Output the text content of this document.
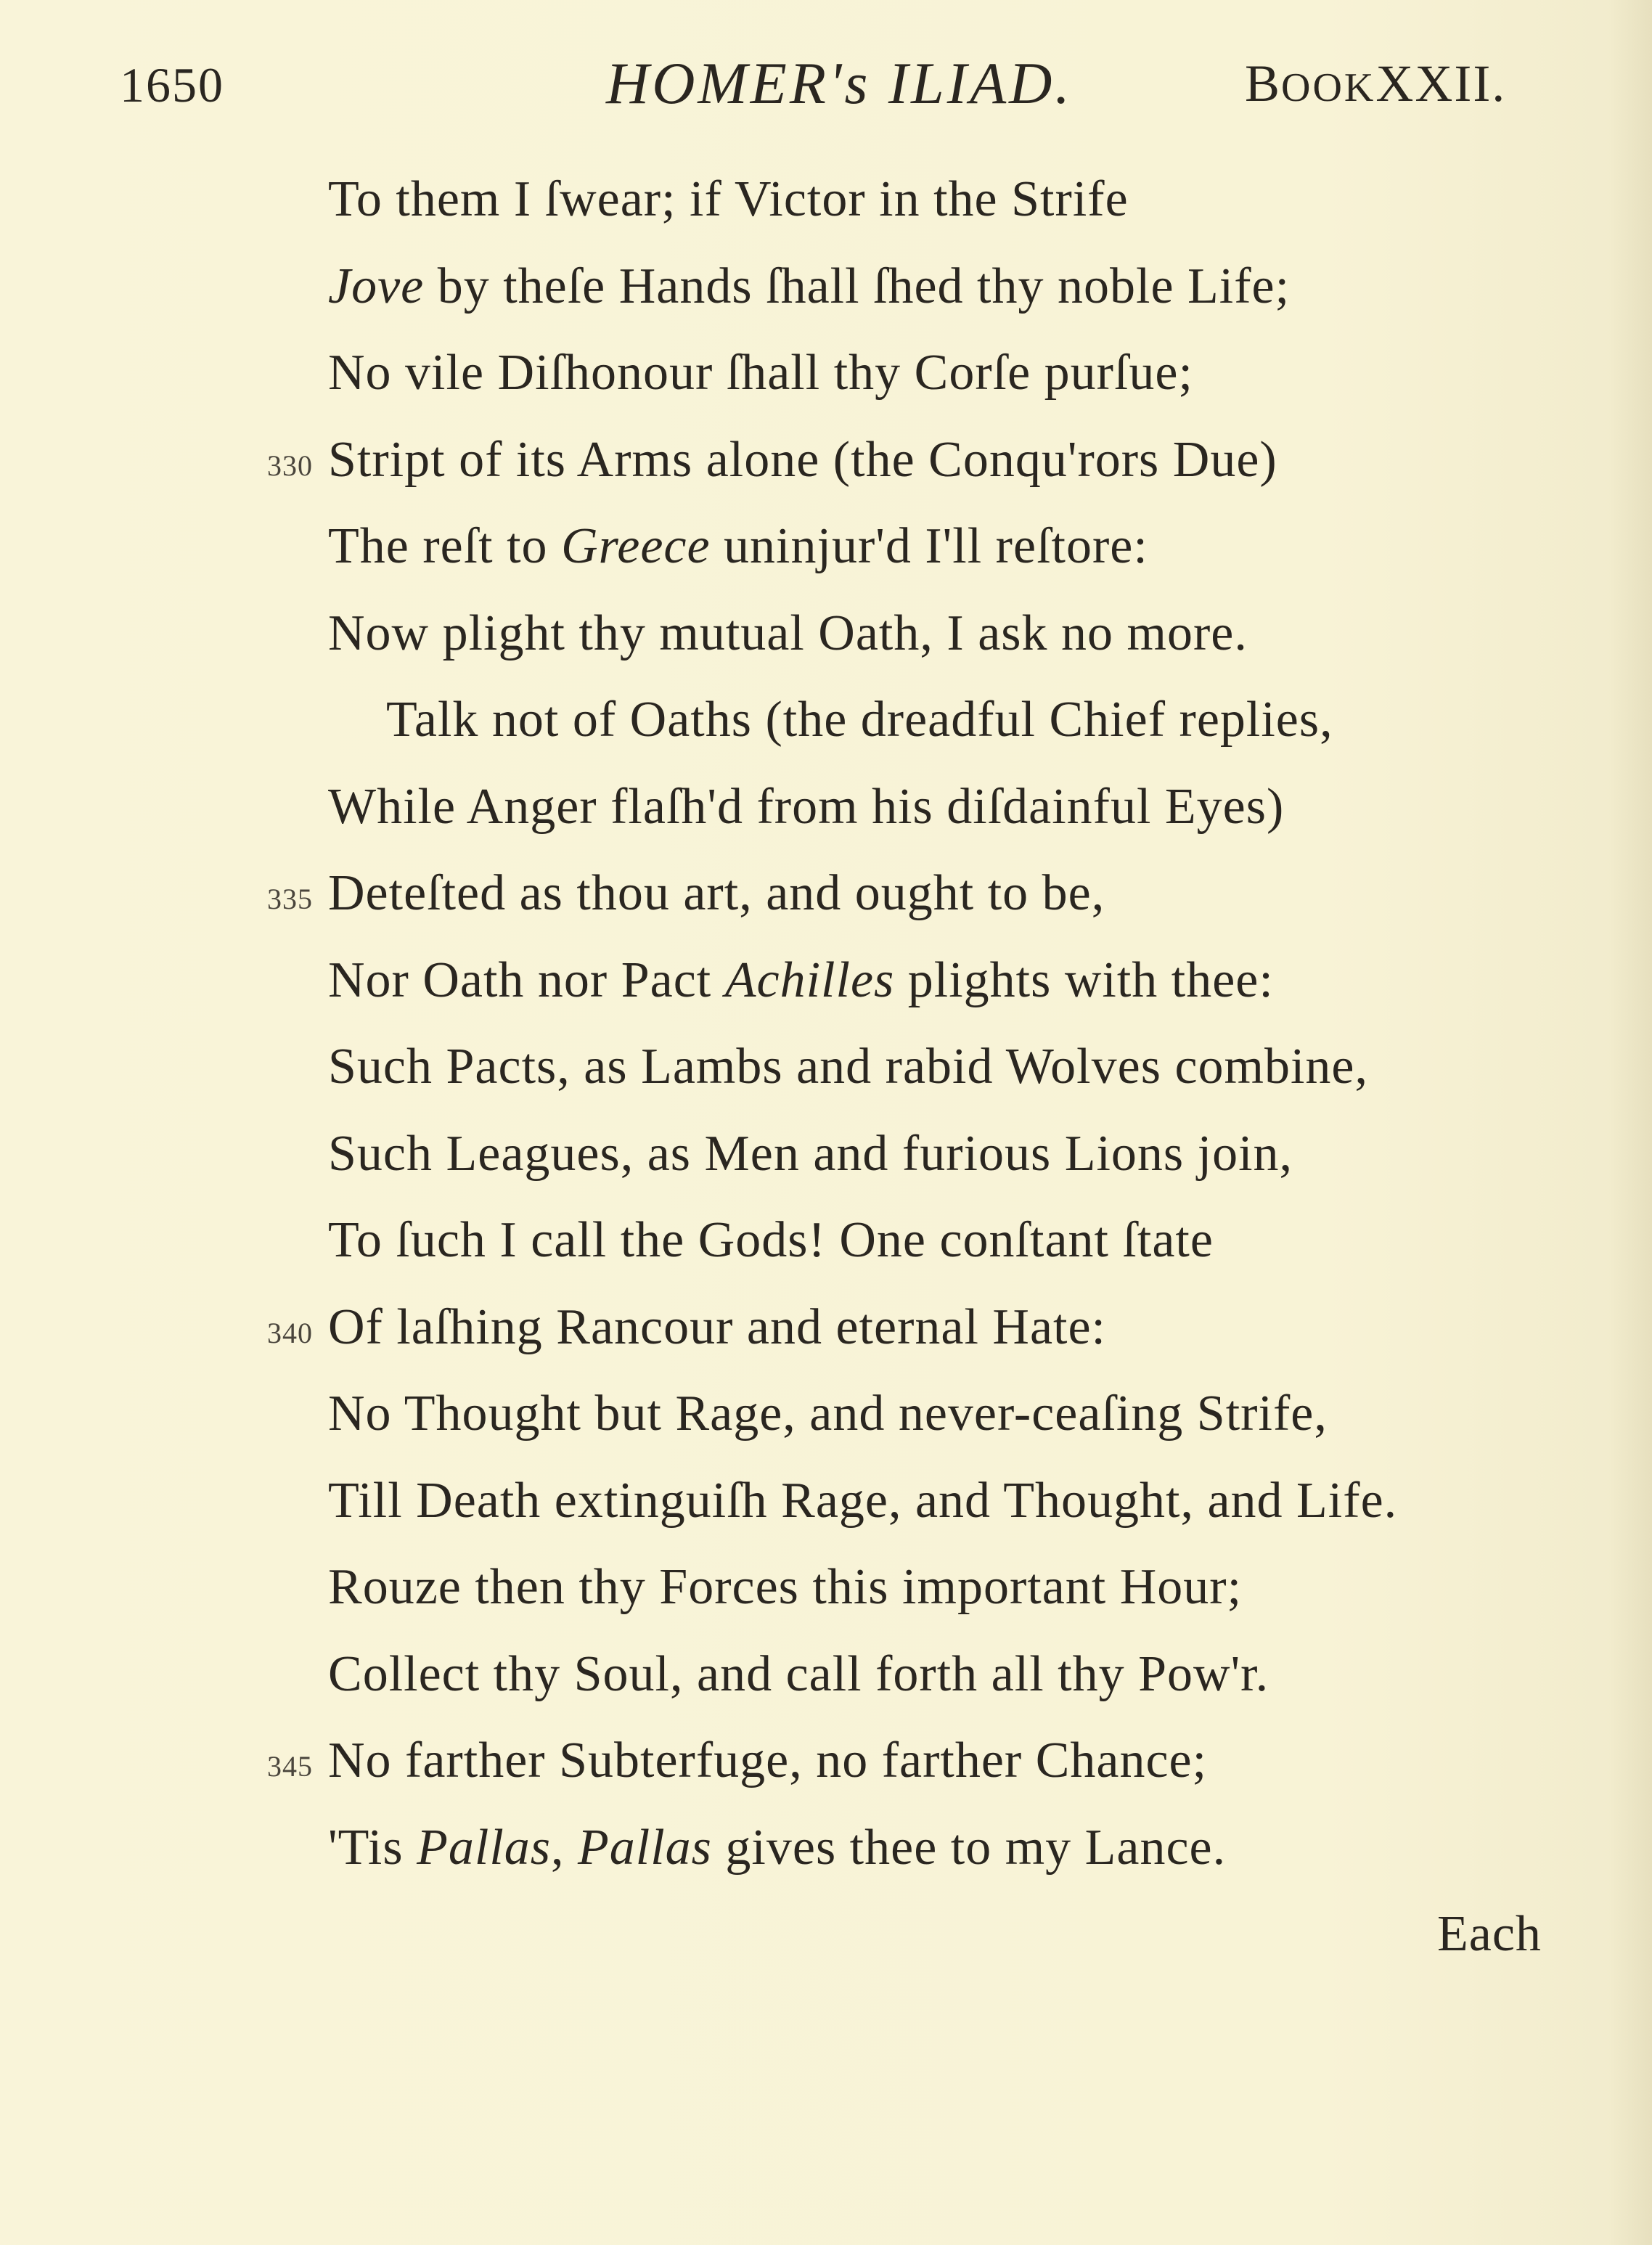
1650	HOMER's ILIAD.	BOOKXXII.
To them I ſwear; if Victor in the Strife
Jove by theſe Hands ſhall ſhed thy noble Life;
No vile Diſhonour ſhall thy Corſe purſue;
330 Stript of its Arms alone (the Conqu'rors Due)
The reſt to Greece uninjur'd I'll reſtore:
Now plight thy mutual Oath, I ask no more.
Talk not of Oaths (the dreadful Chief replies,
While Anger flaſh'd from his diſdainful Eyes)
335 Deteſted as thou art, and ought to be,
Nor Oath nor Pact Achilles plights with thee:
Such Pacts, as Lambs and rabid Wolves combine,
Such Leagues, as Men and furious Lions join,
To ſuch I call the Gods! One conſtant ſtate
340 Of laſhing Rancour and eternal Hate:
No Thought but Rage, and never-ceaſing Strife,
Till Death extinguiſh Rage, and Thought, and Life.
Rouze then thy Forces this important Hour;
Collect thy Soul, and call forth all thy Pow'r.
345 No farther Subterfuge, no farther Chance;
'Tis Pallas, Pallas gives thee to my Lance.
Each
